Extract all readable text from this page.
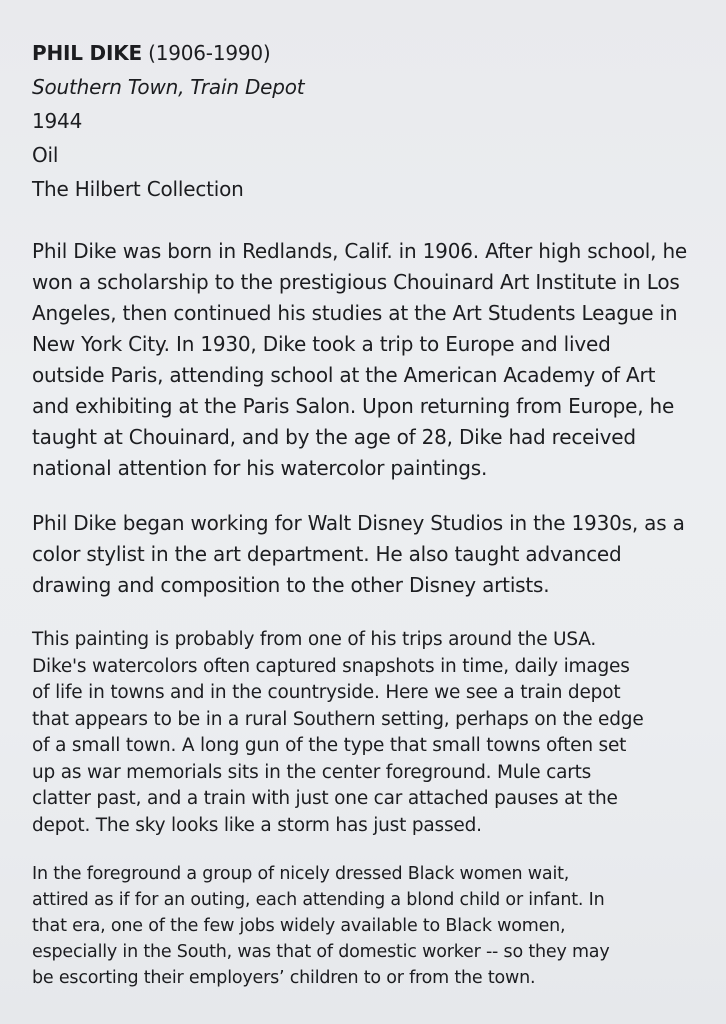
PHIL DIKE (1906-1990)
Southern Town, Train Depot
1944
Oil
The Hilbert Collection
Phil Dike was born in Redlands, Calif. in 1906. After high school, he
won a scholarship to the prestigious Chouinard Art Institute in Los
Angeles, then continued his studies at the Art Students League in
New York City. In 1930, Dike took a trip to Europe and lived
outside Paris, attending school at the American Academy of Art
and exhibiting at the Paris Salon. Upon returning from Europe, he
taught at Chouinard, and by the age of 28, Dike had received
national attention for his watercolor paintings.
Phil Dike began working for Walt Disney Studios in the 1930s, as a
color stylist in the art department. He also taught advanced
drawing and composition to the other Disney artists.
This painting is probably from one of his trips around the USA.
Dike's watercolors often captured snapshots in time, daily images
of life in towns and in the countryside. Here we see a train depot
that appears to be in a rural Southern setting, perhaps on the edge
of a small town. A long gun of the type that small towns often set
up as war memorials sits in the center foreground. Mule carts
clatter past, and a train with just one car attached pauses at the
depot. The sky looks like a storm has just passed.
In the foreground a group of nicely dressed Black women wait,
attired as if for an outing, each attending a blond child or infant. In
that era, one of the few jobs widely available to Black women,
especially in the South, was that of domestic worker -- so they may
be escorting their employers’ children to or from the town.
